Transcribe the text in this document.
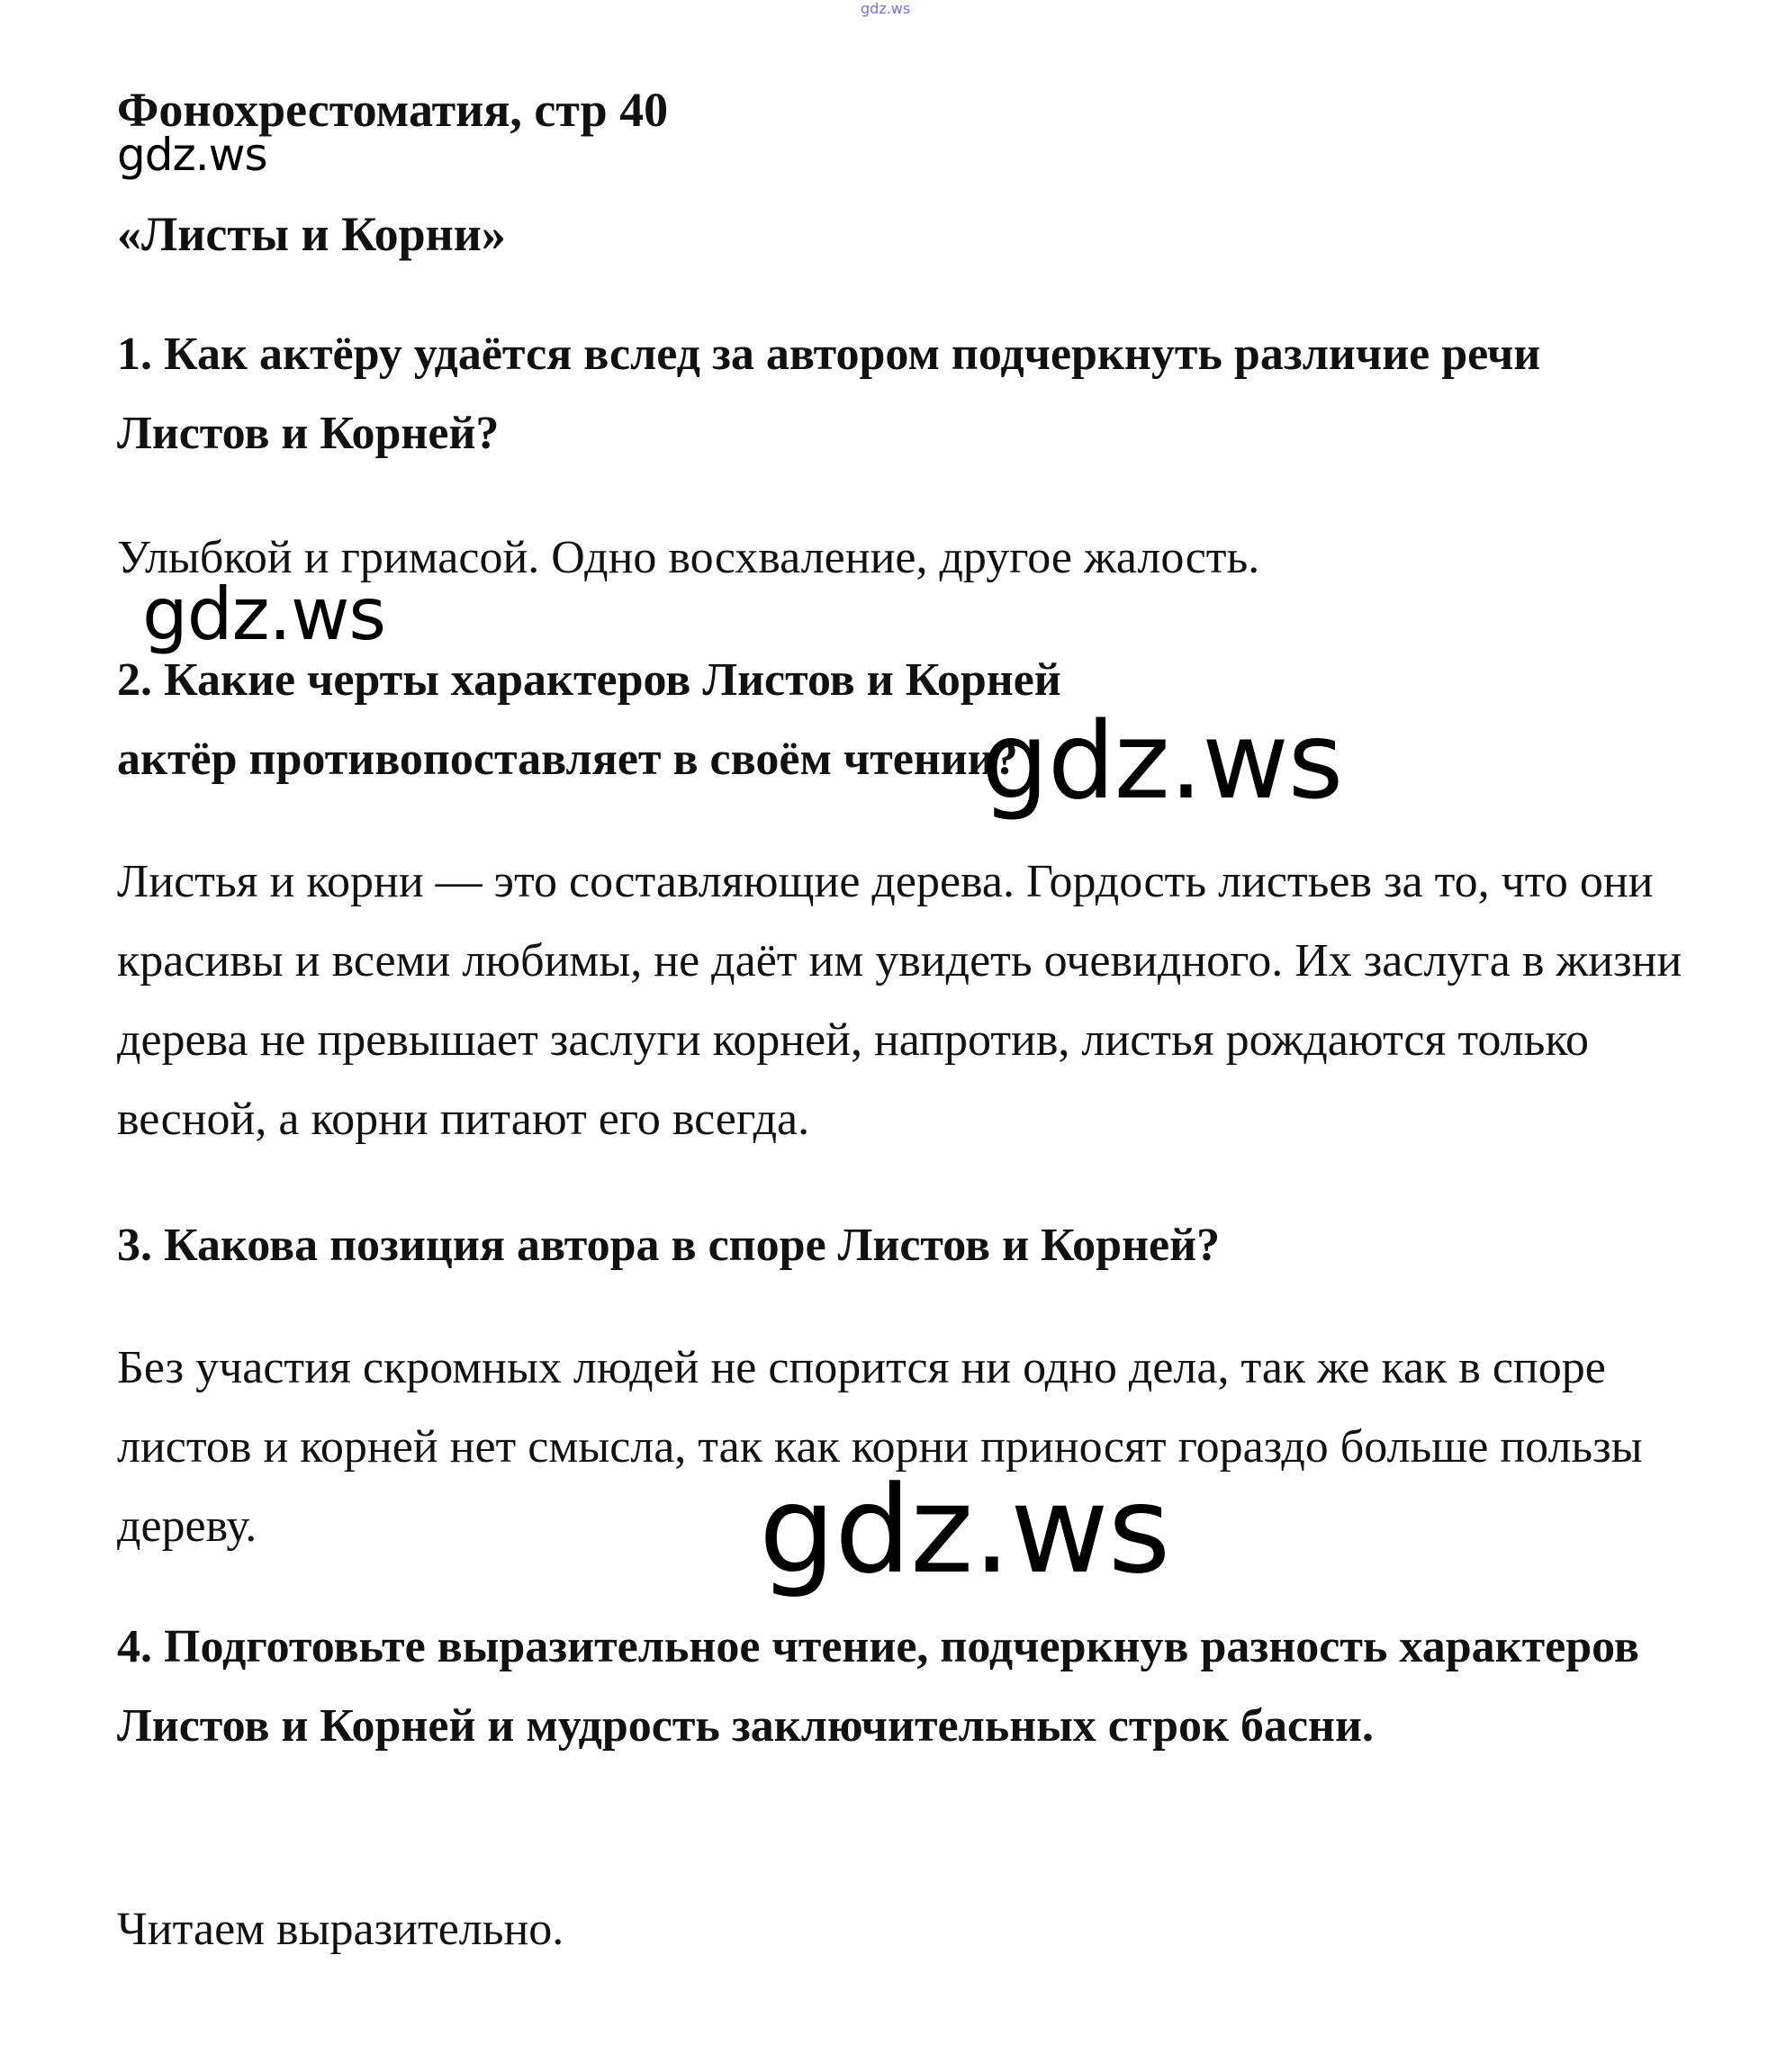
gdz.ws
Фонохрестоматия, стр 40
gdz.ws
«Листы и Корни»

1. Как актёру удаётся вслед за автором подчеркнуть различие речи Листов и Корней?

Улыбкой и гримасой. Одно восхваление, другое жалость.

2. Какие черты характеров Листов и Корней актёр противопоставляет в своём чтении?

Листья и корни — это составляющие дерева. Гордость листьев за то, что они красивы и всеми любимы, не даёт им увидеть очевидного. Их заслуга в жизни дерева не превышает заслуги корней, напротив, листья рождаются только весной, а корни питают его всегда.

3. Какова позиция автора в споре Листов и Корней?

Без участия скромных людей не спорится ни одно дела, так же как в споре листов и корней нет смысла, так как корни приносят гораздо больше пользы дереву.

4. Подготовьте выразительное чтение, подчеркнув разность характеров Листов и Корней и мудрость заключительных строк басни.

Читаем выразительно.

gdz.ws
gdz.ws
gdz.ws
